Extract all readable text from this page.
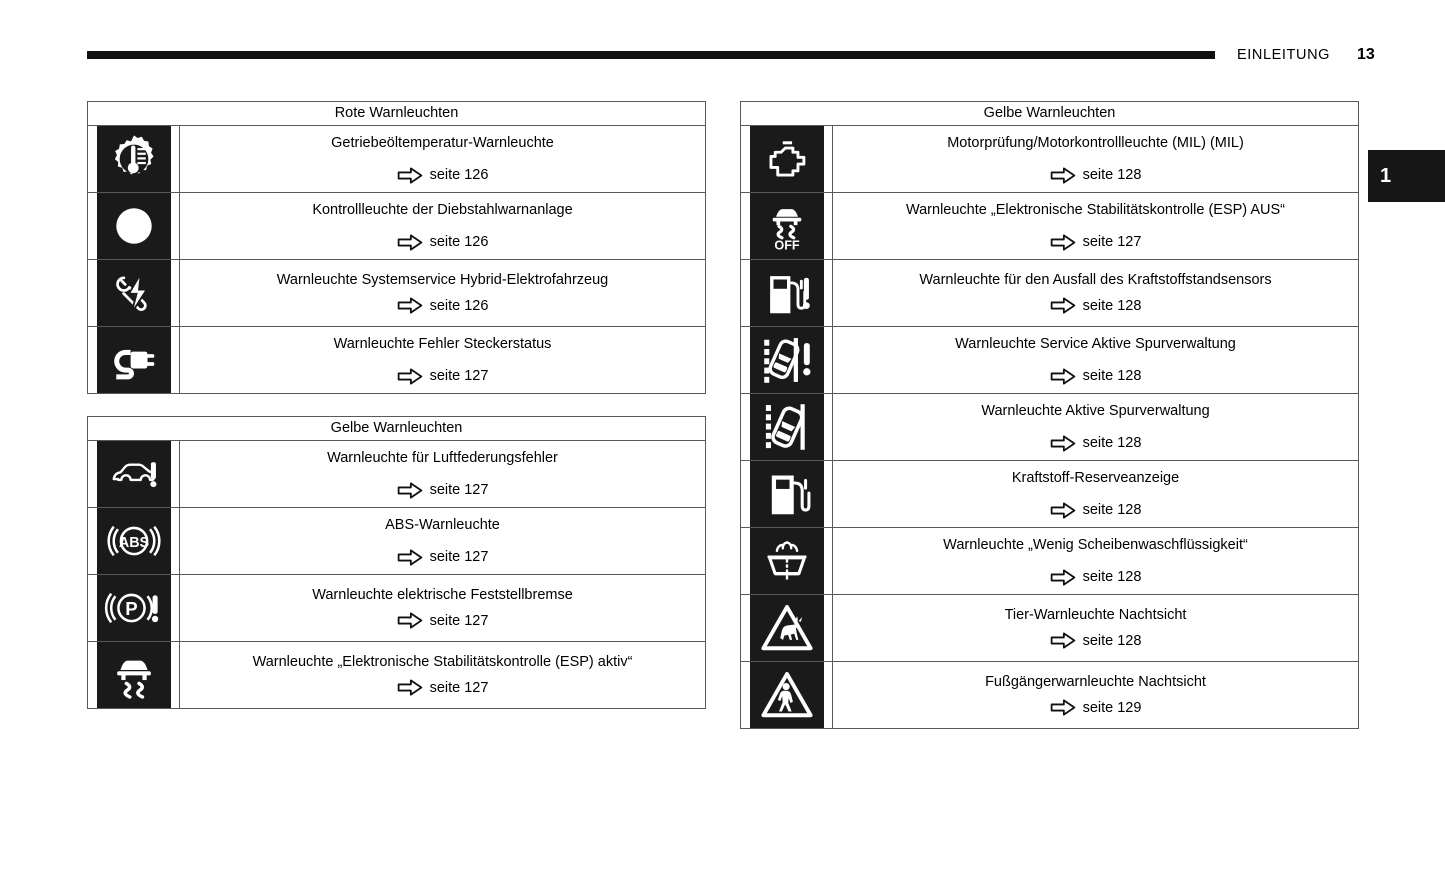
EINLEITUNG 13
1
Rote Warnleuchten	

Getriebeöltemperatur-Warnleuchte
seite 126

Kontrollleuchte der Diebstahlwarnanlage
seite 126

Warnleuchte Systemservice Hybrid-Elektrofahrzeug
seite 126

Warnleuchte Fehler Steckerstatus
seite 127
Gelbe Warnleuchten	

Warnleuchte für Luftfederungsfehler
seite 127

ABS	ABS-Warnleuchte
seite 127

P	Warnleuchte elektrische Feststellbremse
seite 127

Warnleuchte „Elektronische Stabilitätskontrolle (ESP) aktiv“
seite 127
Gelbe Warnleuchten	

Motorprüfung/Motorkontrollleuchte (MIL) (MIL)
seite 128

OFF	Warnleuchte „Elektronische Stabilitätskontrolle (ESP) AUS“
seite 127

Warnleuchte für den Ausfall des Kraftstoffstandsensors
seite 128

Warnleuchte Service Aktive Spurverwaltung
seite 128

Warnleuchte Aktive Spurverwaltung
seite 128

Kraftstoff-Reserveanzeige
seite 128

Warnleuchte „Wenig Scheibenwaschflüssigkeit“
seite 128

Tier-Warnleuchte Nachtsicht
seite 128

Fußgängerwarnleuchte Nachtsicht
seite 129
